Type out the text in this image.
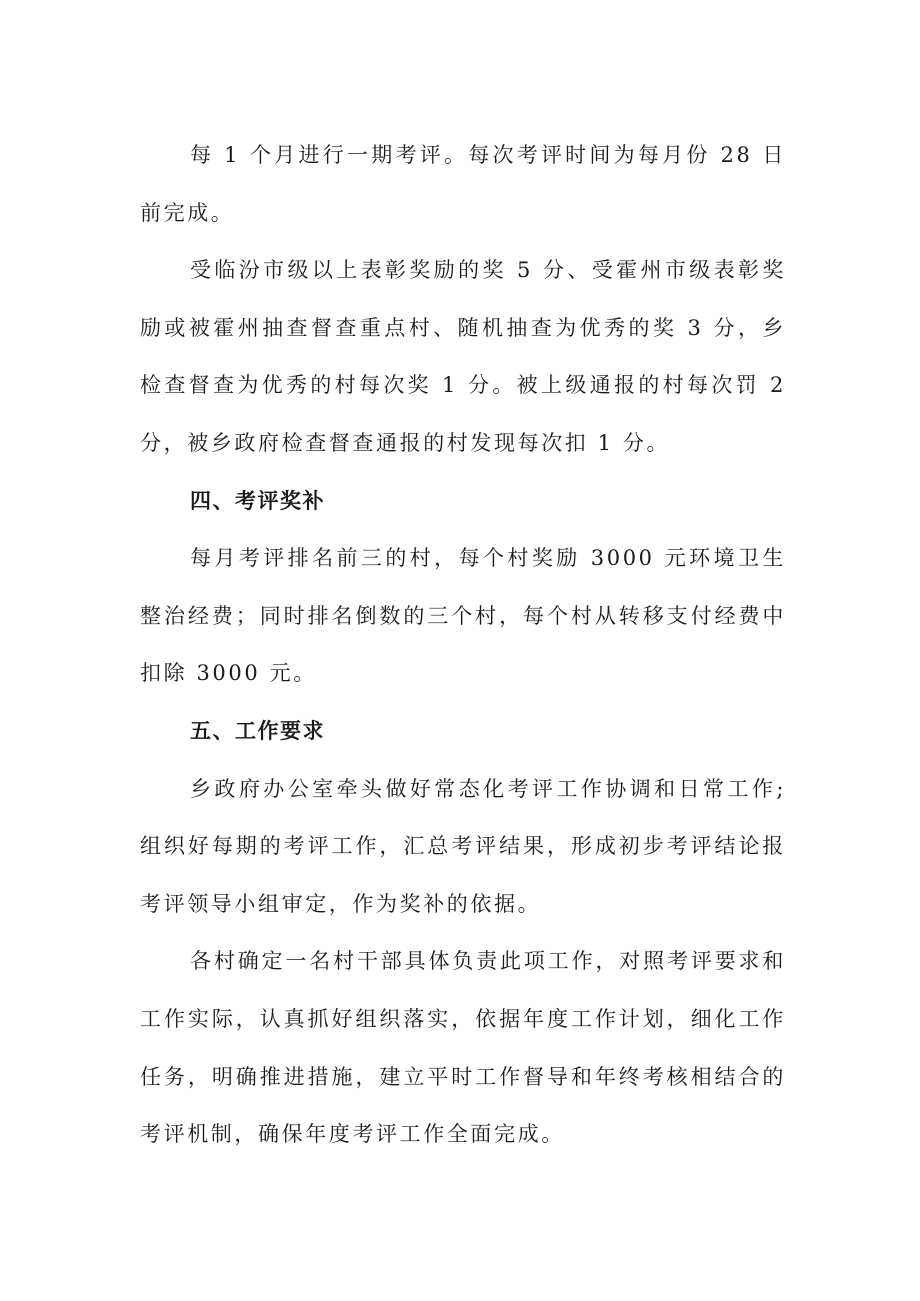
每 1 个月进行一期考评。每次考评时间为每月份 28 日前完成。

受临汾市级以上表彰奖励的奖 5 分、受霍州市级表彰奖励或被霍州抽查督查重点村、随机抽查为优秀的奖 3 分，乡检查督查为优秀的村每次奖 1 分。被上级通报的村每次罚 2 分，被乡政府检查督查通报的村发现每次扣 1 分。

四、考评奖补

每月考评排名前三的村，每个村奖励 3000 元环境卫生整治经费；同时排名倒数的三个村，每个村从转移支付经费中扣除 3000 元。

五、工作要求

乡政府办公室牵头做好常态化考评工作协调和日常工作; 组织好每期的考评工作，汇总考评结果，形成初步考评结论报考评领导小组审定，作为奖补的依据。

各村确定一名村干部具体负责此项工作，对照考评要求和工作实际，认真抓好组织落实，依据年度工作计划，细化工作任务，明确推进措施，建立平时工作督导和年终考核相结合的考评机制，确保年度考评工作全面完成。
